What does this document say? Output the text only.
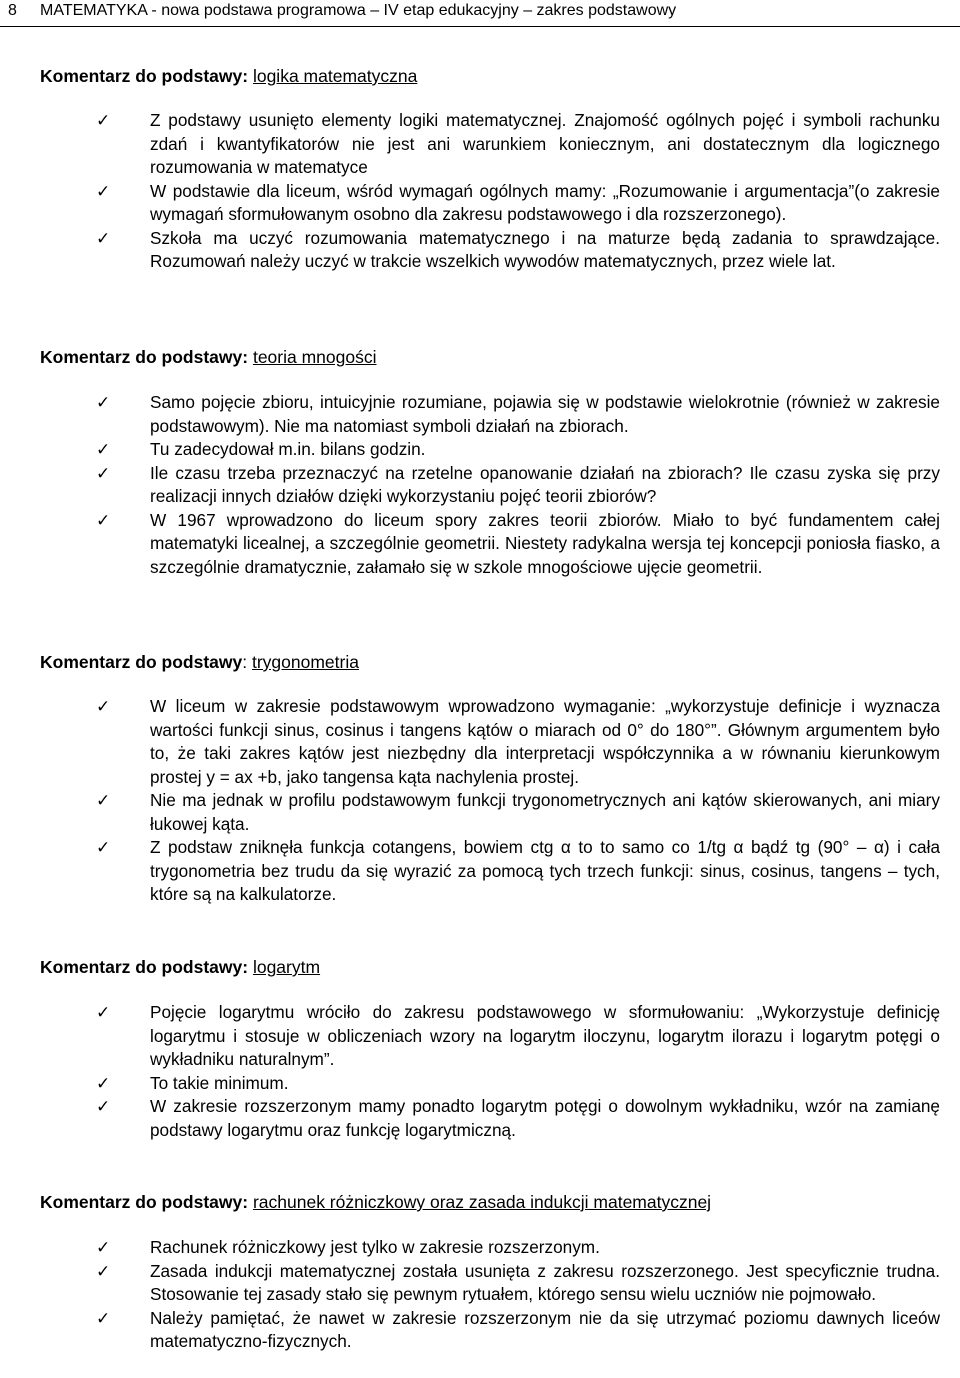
8 MATEMATYKA - nowa podstawa programowa – IV etap edukacyjny – zakres podstawowy

Komentarz do podstawy: logika matematyczna

✓ Z podstawy usunięto elementy logiki matematycznej. Znajomość ogólnych pojęć i symboli rachunku zdań i kwantyfikatorów nie jest ani warunkiem koniecznym, ani dostatecznym dla logicznego rozumowania w matematyce
✓ W podstawie dla liceum, wśród wymagań ogólnych mamy: „Rozumowanie i argumentacja”(o zakresie wymagań sformułowanym osobno dla zakresu podstawowego i dla rozszerzonego).
✓ Szkoła ma uczyć rozumowania matematycznego i na maturze będą zadania to sprawdzające. Rozumowań należy uczyć w trakcie wszelkich wywodów matematycznych, przez wiele lat.

Komentarz do podstawy: teoria mnogości

✓ Samo pojęcie zbioru, intuicyjnie rozumiane, pojawia się w podstawie wielokrotnie (również w zakresie podstawowym). Nie ma natomiast symboli działań na zbiorach.
✓ Tu zadecydował m.in. bilans godzin.
✓ Ile czasu trzeba przeznaczyć na rzetelne opanowanie działań na zbiorach? Ile czasu zyska się przy realizacji innych działów dzięki wykorzystaniu pojęć teorii zbiorów?
✓ W 1967 wprowadzono do liceum spory zakres teorii zbiorów. Miało to być fundamentem całej matematyki licealnej, a szczególnie geometrii. Niestety radykalna wersja tej koncepcji poniosła fiasko, a szczególnie dramatycznie, załamało się w szkole mnogościowe ujęcie geometrii.

Komentarz do podstawy: trygonometria

✓ W liceum w zakresie podstawowym wprowadzono wymaganie: „wykorzystuje definicje i wyznacza wartości funkcji sinus, cosinus i tangens kątów o miarach od 0° do 180°”. Głównym argumentem było to, że taki zakres kątów jest niezbędny dla interpretacji współczynnika a w równaniu kierunkowym prostej y = ax +b, jako tangensa kąta nachylenia prostej.
✓ Nie ma jednak w profilu podstawowym funkcji trygonometrycznych ani kątów skierowanych, ani miary łukowej kąta.
✓ Z podstaw zniknęła funkcja cotangens, bowiem ctg α to to samo co 1/tg α bądź tg (90° – α) i cała trygonometria bez trudu da się wyrazić za pomocą tych trzech funkcji: sinus, cosinus, tangens – tych, które są na kalkulatorze.

Komentarz do podstawy: logarytm

✓ Pojęcie logarytmu wróciło do zakresu podstawowego w sformułowaniu: „Wykorzystuje definicję logarytmu i stosuje w obliczeniach wzory na logarytm iloczynu, logarytm ilorazu i logarytm potęgi o wykładniku naturalnym”.
✓ To takie minimum.
✓ W zakresie rozszerzonym mamy ponadto logarytm potęgi o dowolnym wykładniku, wzór na zamianę podstawy logarytmu oraz funkcję logarytmiczną.

Komentarz do podstawy: rachunek różniczkowy oraz zasada indukcji matematycznej

✓ Rachunek różniczkowy jest tylko w zakresie rozszerzonym.
✓ Zasada indukcji matematycznej została usunięta z zakresu rozszerzonego. Jest specyficznie trudna. Stosowanie tej zasady stało się pewnym rytuałem, którego sensu wielu uczniów nie pojmowało.
✓ Należy pamiętać, że nawet w zakresie rozszerzonym nie da się utrzymać poziomu dawnych liceów matematyczno-fizycznych.
